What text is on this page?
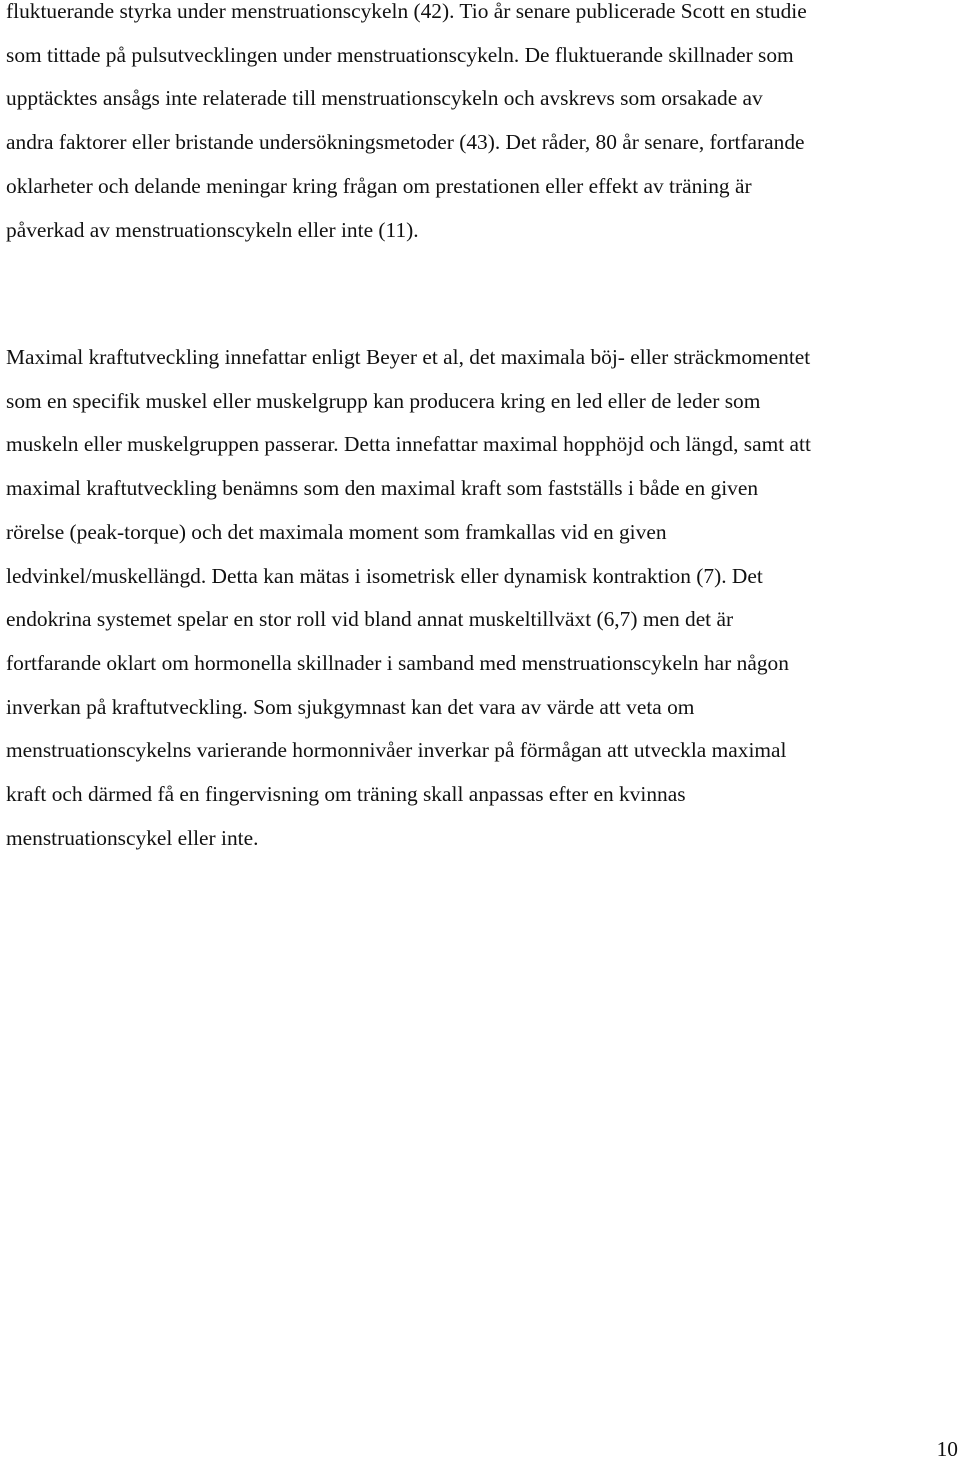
fluktuerande styrka under menstruationscykeln (42). Tio år senare publicerade Scott en studie
som tittade på pulsutvecklingen under menstruationscykeln. De fluktuerande skillnader som
upptäcktes ansågs inte relaterade till menstruationscykeln och avskrevs som orsakade av
andra faktorer eller bristande undersökningsmetoder (43). Det råder, 80 år senare, fortfarande
oklarheter och delande meningar kring frågan om prestationen eller effekt av träning är
påverkad av menstruationscykeln eller inte (11).

Maximal kraftutveckling innefattar enligt Beyer et al, det maximala böj- eller sträckmomentet
som en specifik muskel eller muskelgrupp kan producera kring en led eller de leder som
muskeln eller muskelgruppen passerar. Detta innefattar maximal hopphöjd och längd, samt att
maximal kraftutveckling benämns som den maximal kraft som fastställs i både en given
rörelse (peak-torque) och det maximala moment som framkallas vid en given
ledvinkel/muskellängd. Detta kan mätas i isometrisk eller dynamisk kontraktion (7). Det
endokrina systemet spelar en stor roll vid bland annat muskeltillväxt (6,7) men det är
fortfarande oklart om hormonella skillnader i samband med menstruationscykeln har någon
inverkan på kraftutveckling. Som sjukgymnast kan det vara av värde att veta om
menstruationscykelns varierande hormonnivåer inverkar på förmågan att utveckla maximal
kraft och därmed få en fingervisning om träning skall anpassas efter en kvinnas
menstruationscykel eller inte.

10
